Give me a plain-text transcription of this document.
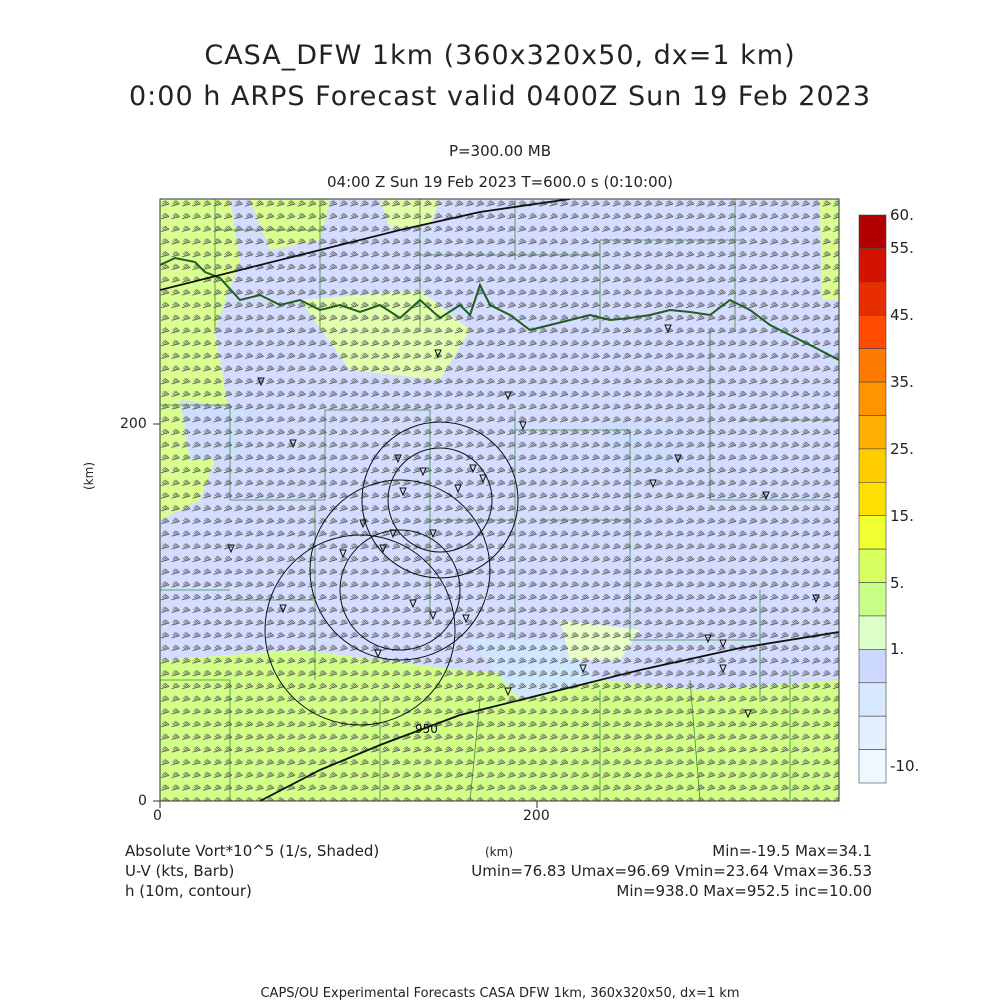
950
CASA_DFW 1km (360x320x50, dx=1 km)
0:00 h ARPS Forecast valid 0400Z Sun 19 Feb 2023
P=300.00 MB
04:00 Z Sun 19 Feb 2023 T=600.0 s (0:10:00)
0	200
0
200
(km)
(km)
60.
55.
45.
35.
25.
15.
5.
1.
-10.
Absolute Vort*10^5 (1/s, Shaded)
U-V (kts, Barb)
h (10m, contour)
Min=-19.5 Max=34.1
Umin=76.83 Umax=96.69 Vmin=23.64 Vmax=36.53
Min=938.0 Max=952.5 inc=10.00
CAPS/OU Experimental Forecasts CASA DFW 1km, 360x320x50, dx=1 km
